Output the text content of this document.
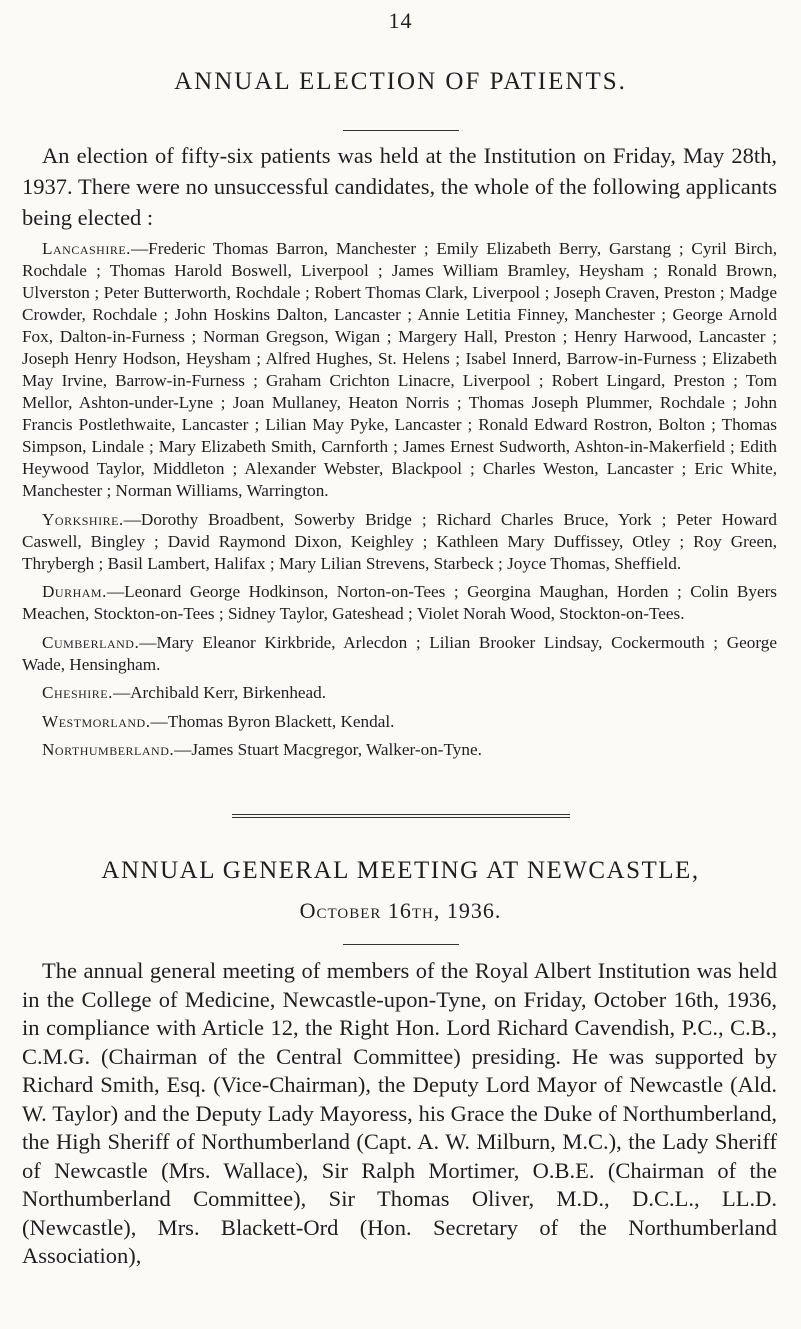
14
ANNUAL ELECTION OF PATIENTS.

An election of fifty-six patients was held at the Institution on Friday, May 28th, 1937. There were no unsuccessful candidates, the whole of the following applicants being elected :

Lancashire.—Frederic Thomas Barron, Manchester ; Emily Elizabeth Berry, Garstang ; Cyril Birch, Rochdale ; Thomas Harold Boswell, Liverpool ; James William Bramley, Heysham ; Ronald Brown, Ulverston ; Peter Butterworth, Rochdale ; Robert Thomas Clark, Liverpool ; Joseph Craven, Preston ; Madge Crowder, Rochdale ; John Hoskins Dalton, Lancaster ; Annie Letitia Finney, Manchester ; George Arnold Fox, Dalton-in-Furness ; Norman Gregson, Wigan ; Margery Hall, Preston ; Henry Harwood, Lancaster ; Joseph Henry Hodson, Heysham ; Alfred Hughes, St. Helens ; Isabel Innerd, Barrow-in-Furness ; Elizabeth May Irvine, Barrow-in-Furness ; Graham Crichton Linacre, Liverpool ; Robert Lingard, Preston ; Tom Mellor, Ashton-under-Lyne ; Joan Mullaney, Heaton Norris ; Thomas Joseph Plummer, Rochdale ; John Francis Postlethwaite, Lancaster ; Lilian May Pyke, Lancaster ; Ronald Edward Rostron, Bolton ; Thomas Simpson, Lindale ; Mary Elizabeth Smith, Carnforth ; James Ernest Sudworth, Ashton-in-Makerfield ; Edith Heywood Taylor, Middleton ; Alexander Webster, Blackpool ; Charles Weston, Lancaster ; Eric White, Manchester ; Norman Williams, Warrington.

Yorkshire.—Dorothy Broadbent, Sowerby Bridge ; Richard Charles Bruce, York ; Peter Howard Caswell, Bingley ; David Raymond Dixon, Keighley ; Kathleen Mary Duffissey, Otley ; Roy Green, Thrybergh ; Basil Lambert, Halifax ; Mary Lilian Strevens, Starbeck ; Joyce Thomas, Sheffield.

Durham.—Leonard George Hodkinson, Norton-on-Tees ; Georgina Maughan, Horden ; Colin Byers Meachen, Stockton-on-Tees ; Sidney Taylor, Gateshead ; Violet Norah Wood, Stockton-on-Tees.

Cumberland.—Mary Eleanor Kirkbride, Arlecdon ; Lilian Brooker Lindsay, Cockermouth ; George Wade, Hensingham.

Cheshire.—Archibald Kerr, Birkenhead.

Westmorland.—Thomas Byron Blackett, Kendal.

Northumberland.—James Stuart Macgregor, Walker-on-Tyne.

ANNUAL GENERAL MEETING AT NEWCASTLE,
October 16th, 1936.

The annual general meeting of members of the Royal Albert Institution was held in the College of Medicine, Newcastle-upon-Tyne, on Friday, October 16th, 1936, in compliance with Article 12, the Right Hon. Lord Richard Cavendish, P.C., C.B., C.M.G. (Chairman of the Central Committee) presiding. He was supported by Richard Smith, Esq. (Vice-Chairman), the Deputy Lord Mayor of Newcastle (Ald. W. Taylor) and the Deputy Lady Mayoress, his Grace the Duke of Northumberland, the High Sheriff of Northumberland (Capt. A. W. Milburn, M.C.), the Lady Sheriff of Newcastle (Mrs. Wallace), Sir Ralph Mortimer, O.B.E. (Chairman of the Northumberland Committee), Sir Thomas Oliver, M.D., D.C.L., LL.D. (Newcastle), Mrs. Blackett-Ord (Hon. Secretary of the Northumberland Association),
